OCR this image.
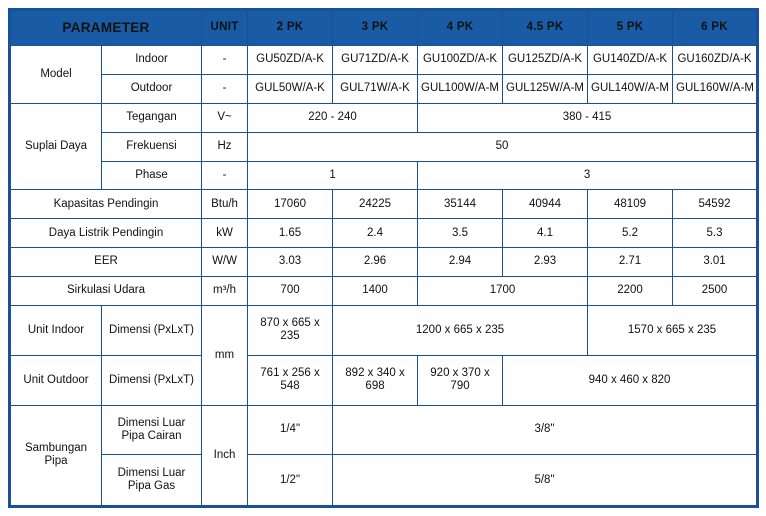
PARAMETER		UNIT	2 PK	3 PK	4 PK	4.5 PK	5 PK	6 PK
Model	Indoor	-	GU50ZD/A-K	GU71ZD/A-K	GU100ZD/A-K	GU125ZD/A-K	GU140ZD/A-K	GU160ZD/A-K
	Outdoor	-	GUL50W/A-K	GUL71W/A-K	GUL100W/A-M	GUL125W/A-M	GUL140W/A-M	GUL160W/A-M
Suplai Daya	Tegangan	V~	220 - 240		380 - 415			
	Frekuensi	Hz	50					
	Phase	-	1		3			
Kapasitas Pendingin		Btu/h	17060	24225	35144	40944	48109	54592
Daya Listrik Pendingin		kW	1.65	2.4	3.5	4.1	5.2	5.3
EER		W/W	3.03	2.96	2.94	2.93	2.71	3.01
Sirkulasi Udara		m³/h	700	1400	1700		2200	2500
Unit Indoor	Dimensi (PxLxT)	mm	870 x 665 x 235	1200 x 665 x 235			1570 x 665 x 235	
Unit Outdoor	Dimensi (PxLxT)		761 x 256 x 548	892 x 340 x 698	920 x 370 x 790	940 x 460 x 820		
Sambungan Pipa	Dimensi Luar Pipa Cairan	Inch	1/4"	3/8"				
	Dimensi Luar Pipa Gas		1/2"	5/8"				
